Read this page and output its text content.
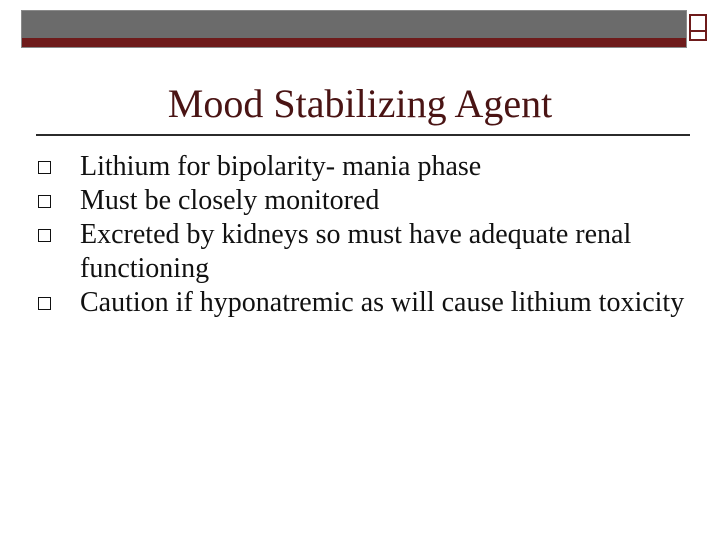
Mood Stabilizing Agent
Lithium for bipolarity- mania phase
Must be closely monitored
Excreted by kidneys so must have adequate renal functioning
Caution if hyponatremic as will cause lithium toxicity
